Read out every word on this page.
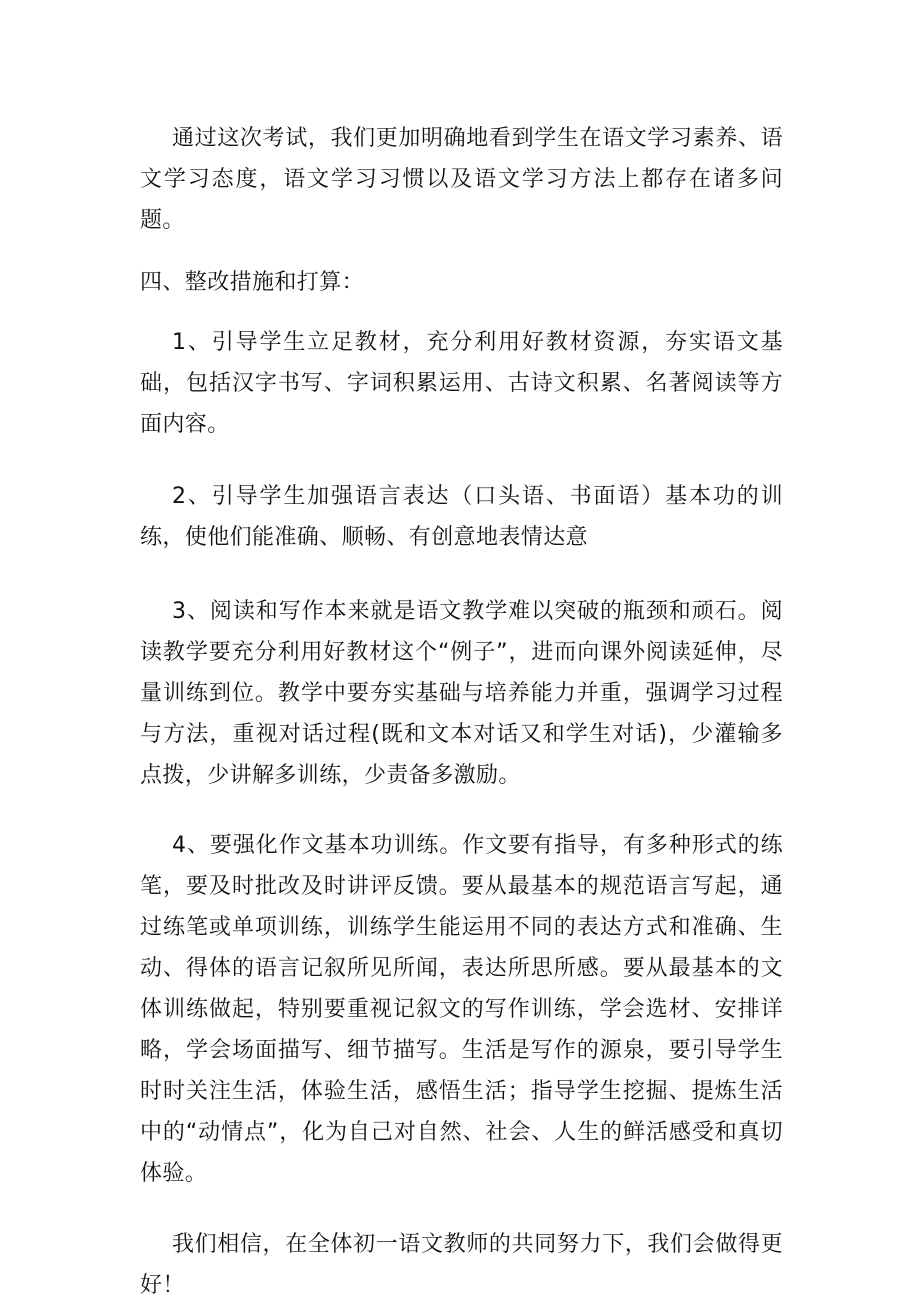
通过这次考试，我们更加明确地看到学生在语文学习素养、语文学习态度，语文学习习惯以及语文学习方法上都存在诸多问题。

四、整改措施和打算：

1、引导学生立足教材，充分利用好教材资源，夯实语文基础，包括汉字书写、字词积累运用、古诗文积累、名著阅读等方面内容。

2、引导学生加强语言表达（口头语、书面语）基本功的训练，使他们能准确、顺畅、有创意地表情达意

3、阅读和写作本来就是语文教学难以突破的瓶颈和顽石。阅读教学要充分利用好教材这个“例子”，进而向课外阅读延伸，尽量训练到位。教学中要夯实基础与培养能力并重，强调学习过程与方法，重视对话过程(既和文本对话又和学生对话)，少灌输多点拨，少讲解多训练，少责备多激励。

4、要强化作文基本功训练。作文要有指导，有多种形式的练笔，要及时批改及时讲评反馈。要从最基本的规范语言写起，通过练笔或单项训练，训练学生能运用不同的表达方式和准确、生动、得体的语言记叙所见所闻，表达所思所感。要从最基本的文体训练做起，特别要重视记叙文的写作训练，学会选材、安排详略，学会场面描写、细节描写。生活是写作的源泉，要引导学生时时关注生活，体验生活，感悟生活；指导学生挖掘、提炼生活中的“动情点”，化为自己对自然、社会、人生的鲜活感受和真切体验。

我们相信，在全体初一语文教师的共同努力下，我们会做得更好！
